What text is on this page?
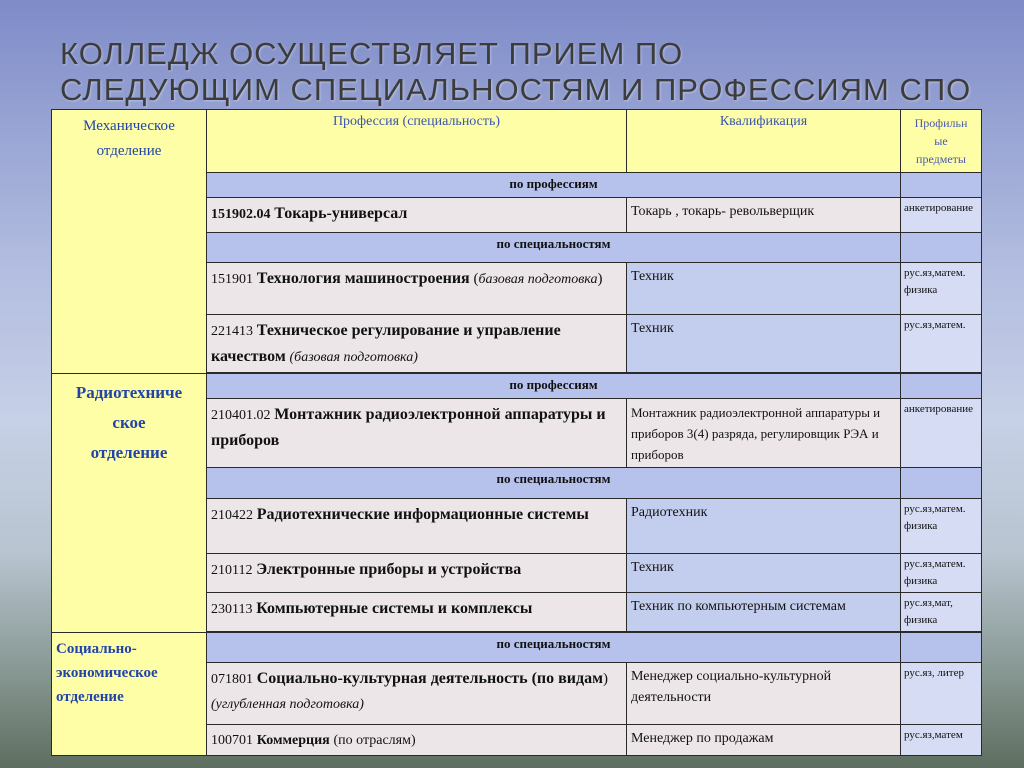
КОЛЛЕДЖ ОСУЩЕСТВЛЯЕТ ПРИЕМ ПО
СЛЕДУЮЩИМ СПЕЦИАЛЬНОСТЯМ И ПРОФЕССИЯМ СПО
Механическое
отделение	Профессия (специальность)	Квалификация	Профильн
ые
предметы
	по профессиям		
	151902.04 Токарь-универсал	Токарь , токарь- револьверщик	анкетирование
	по специальностям		
	151901 Технология машиностроения (базовая подготовка)	Техник	рус.яз,матем. физика
	221413 Техническое регулирование и управление качеством (базовая подготовка)	Техник	рус.яз,матем.

Радиотехниче
ское
отделение	по профессиям		
	210401.02 Монтажник радиоэлектронной аппаратуры и приборов	Монтажник радиоэлектронной аппаратуры и приборов 3(4) разряда, регулировщик РЭА и приборов	анкетирование
	по специальностям		
	210422 Радиотехнические информационные системы	Радиотехник	рус.яз,матем. физика
	210112 Электронные приборы и устройства	Техник	рус.яз,матем. физика
	230113 Компьютерные системы и комплексы	Техник по компьютерным системам	рус.яз,мат, физика

Социально-
экономическое
отделение	по специальностям		
	071801 Социально-культурная деятельность (по видам) (углубленная подготовка)	Менеджер социально-культурной деятельности	рус.яз, литер
	100701 Коммерция (по отраслям)	Менеджер по продажам	рус.яз,матем
